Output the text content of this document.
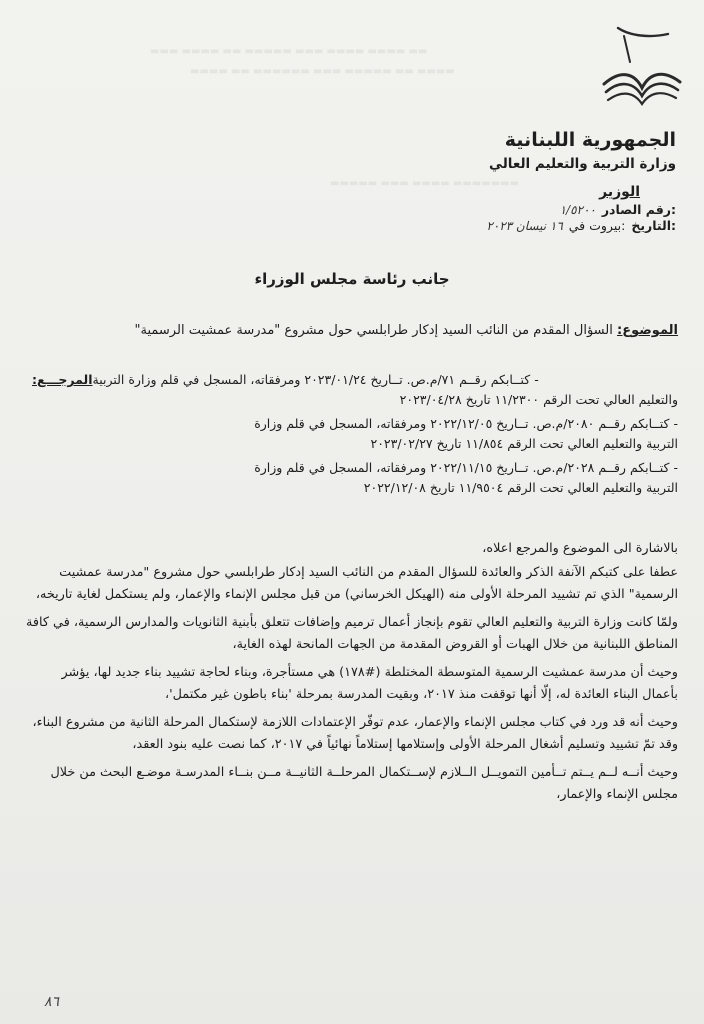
▬▬▬ ▬▬▬▬ ▬▬ ▬▬▬▬▬ ▬▬▬ ▬▬▬▬ ▬▬▬▬ ▬▬
▬▬▬▬ ▬▬ ▬▬▬▬▬▬ ▬▬▬ ▬▬▬▬▬ ▬▬ ▬▬▬▬
▬▬▬▬▬ ▬▬▬ ▬▬▬▬ ▬▬▬▬▬▬▬
الجمهورية اللبنانية
وزارة التربية والتعليم العالي
الوزير
رقم الصادر:
١/٥٢٠٠
التاريخ:
بيروت في:
١٦ نيسان ٢٠٢٣
جانب رئاسة مجلس الوزراء
الموضوع: السؤال المقدم من النائب السيد إدكار طرابلسي حول مشروع "مدرسة عمشيت الرسمية"
المرجـــع: - كتــابكم رقــم ٧١/م.ص. تــاريخ ٢٠٢٣/٠١/٢٤ ومرفقاته، المسجل في قلم وزارة التربية

والتعليم العالي تحت الرقم ١١/٢٣٠٠ تاريخ ٢٠٢٣/٠٤/٢٨

- كتــابكم رقــم ٢٠٨٠/م.ص. تــاريخ ٢٠٢٢/١٢/٠٥ ومرفقاته، المسجل في قلم وزارة

التربية والتعليم العالي تحت الرقم ١١/٨٥٤ تاريخ ٢٠٢٣/٠٢/٢٧

- كتــابكم رقــم ٢٠٢٨/م.ص. تــاريخ ٢٠٢٢/١١/١٥ ومرفقاته، المسجل في قلم وزارة

التربية والتعليم العالي تحت الرقم ١١/٩٥٠٤ تاريخ ٢٠٢٢/١٢/٠٨

بالاشارة الى الموضوع والمرجع اعلاه،

عطفا على كتبكم الآنفة الذكر والعائدة للسؤال المقدم من النائب السيد إدكار طرابلسي حول مشروع "مدرسة عمشيت الرسمية" الذي تم تشييد المرحلة الأولى منه (الهيكل الخرساني) من قبل مجلس الإنماء والإعمار، ولم يستكمل لغاية تاريخه،

ولمّا كانت وزارة التربية والتعليم العالي تقوم بإنجاز أعمال ترميم وإضافات تتعلق بأبنية الثانويات والمدارس الرسمية، في كافة المناطق اللبنانية من خلال الهبات أو القروض المقدمة من الجهات المانحة لهذه الغاية،

وحيث أن مدرسة عمشيت الرسمية المتوسطة المختلطة (#١٧٨) هي مستأجرة، وبناء لحاجة تشييد بناء جديد لها، يؤشر بأعمال البناء العائدة له، إلّا أنها توقفت منذ ٢٠١٧، وبقيت المدرسة بمرحلة 'بناء باطون غير مكتمل'،

وحيث أنه قد ورد في كتاب مجلس الإنماء والإعمار، عدم توفّر الإعتمادات اللازمة لإستكمال المرحلة الثانية من مشروع البناء، وقد تمّ تشييد وتسليم أشغال المرحلة الأولى وإستلامها إستلاماً نهائياً في ٢٠١٧، كما نصت عليه بنود العقد،

وحيث أنــه لــم يــتم تــأمين التمويــل الــلازم لإســتكمال المرحلــة الثانيــة مــن بنــاء المدرسـة موضـع البحث من خلال مجلس الإنماء والإعمار،

٨٦
